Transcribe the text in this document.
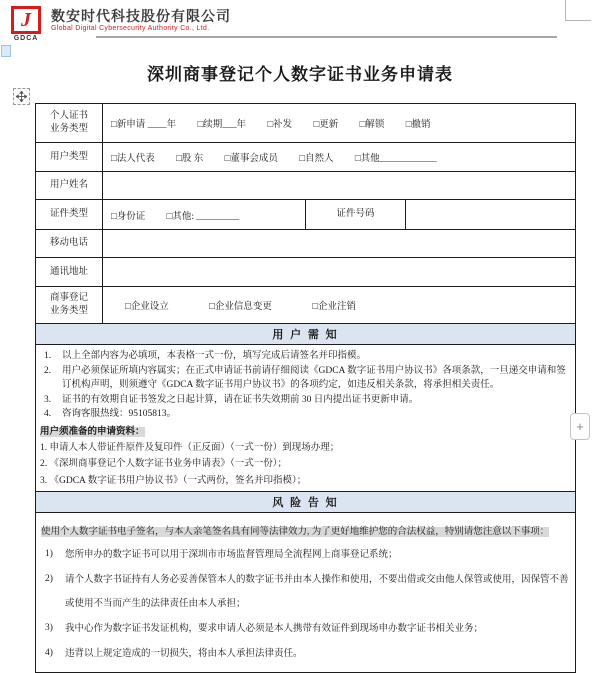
J
GDCA
数安时代科技股份有限公司
Global Digital Cybersecurity Authority Co., Ltd.
深圳商事登记个人数字证书业务申请表
个人证书
业务类型	□新申请 ____年 □续期___年 □补发 □更新 □解锁 □撤销		
用户类型	□法人代表 □股 东 □董事会成员 □自然人 □其他____________		
用户姓名			
证件类型	□身份证 □其他: _________	证件号码	
移动电话			
通讯地址			

商事登记
业务类型	□企业设立 □企业信息变更 □企业注销		
用 户 需 知			

1.	以上全部内容为必填项，本表格一式一份，填写完成后请签名并印指模。
2.	用户必须保证所填内容属实；在正式申请证书前请仔细阅读《GDCA 数字证书用户协议书》各项条款，一旦递交申请和签订机构声明，则须遵守《GDCA 数字证书用户协议书》的各项约定，如违反相关条款，将承担相关责任。
3.	证书的有效期自证书签发之日起计算，请在证书失效期前 30 日内提出证书更新申请。
4.	咨询客服热线：95105813。
用户须准备的申请资料：
1. 申请人本人带证件原件及复印件（正反面）（一式一份）到现场办理；
2. 《深圳商事登记个人数字证书业务申请表》（一式一份）；
3. 《GDCA 数字证书用户协议书》（一式两份，签名并印指模）；

风 险 告 知			

使用个人数字证书电子签名，与本人亲笔签名具有同等法律效力, 为了更好地维护您的合法权益，特别请您注意以下事项：
1)	您所申办的数字证书可以用于深圳市市场监督管理局全流程网上商事登记系统；
2)	请个人数字书证持有人务必妥善保管本人的数字证书并由本人操作和使用，不要出借或交由他人保管或使用，因保管不善或使用不当而产生的法律责任由本人承担；
3)	我中心作为数字证书发证机构，要求申请人必须是本人携带有效证件到现场申办数字证书相关业务；
4)	违背以上规定造成的一切损失，将由本人承担法律责任。
+
